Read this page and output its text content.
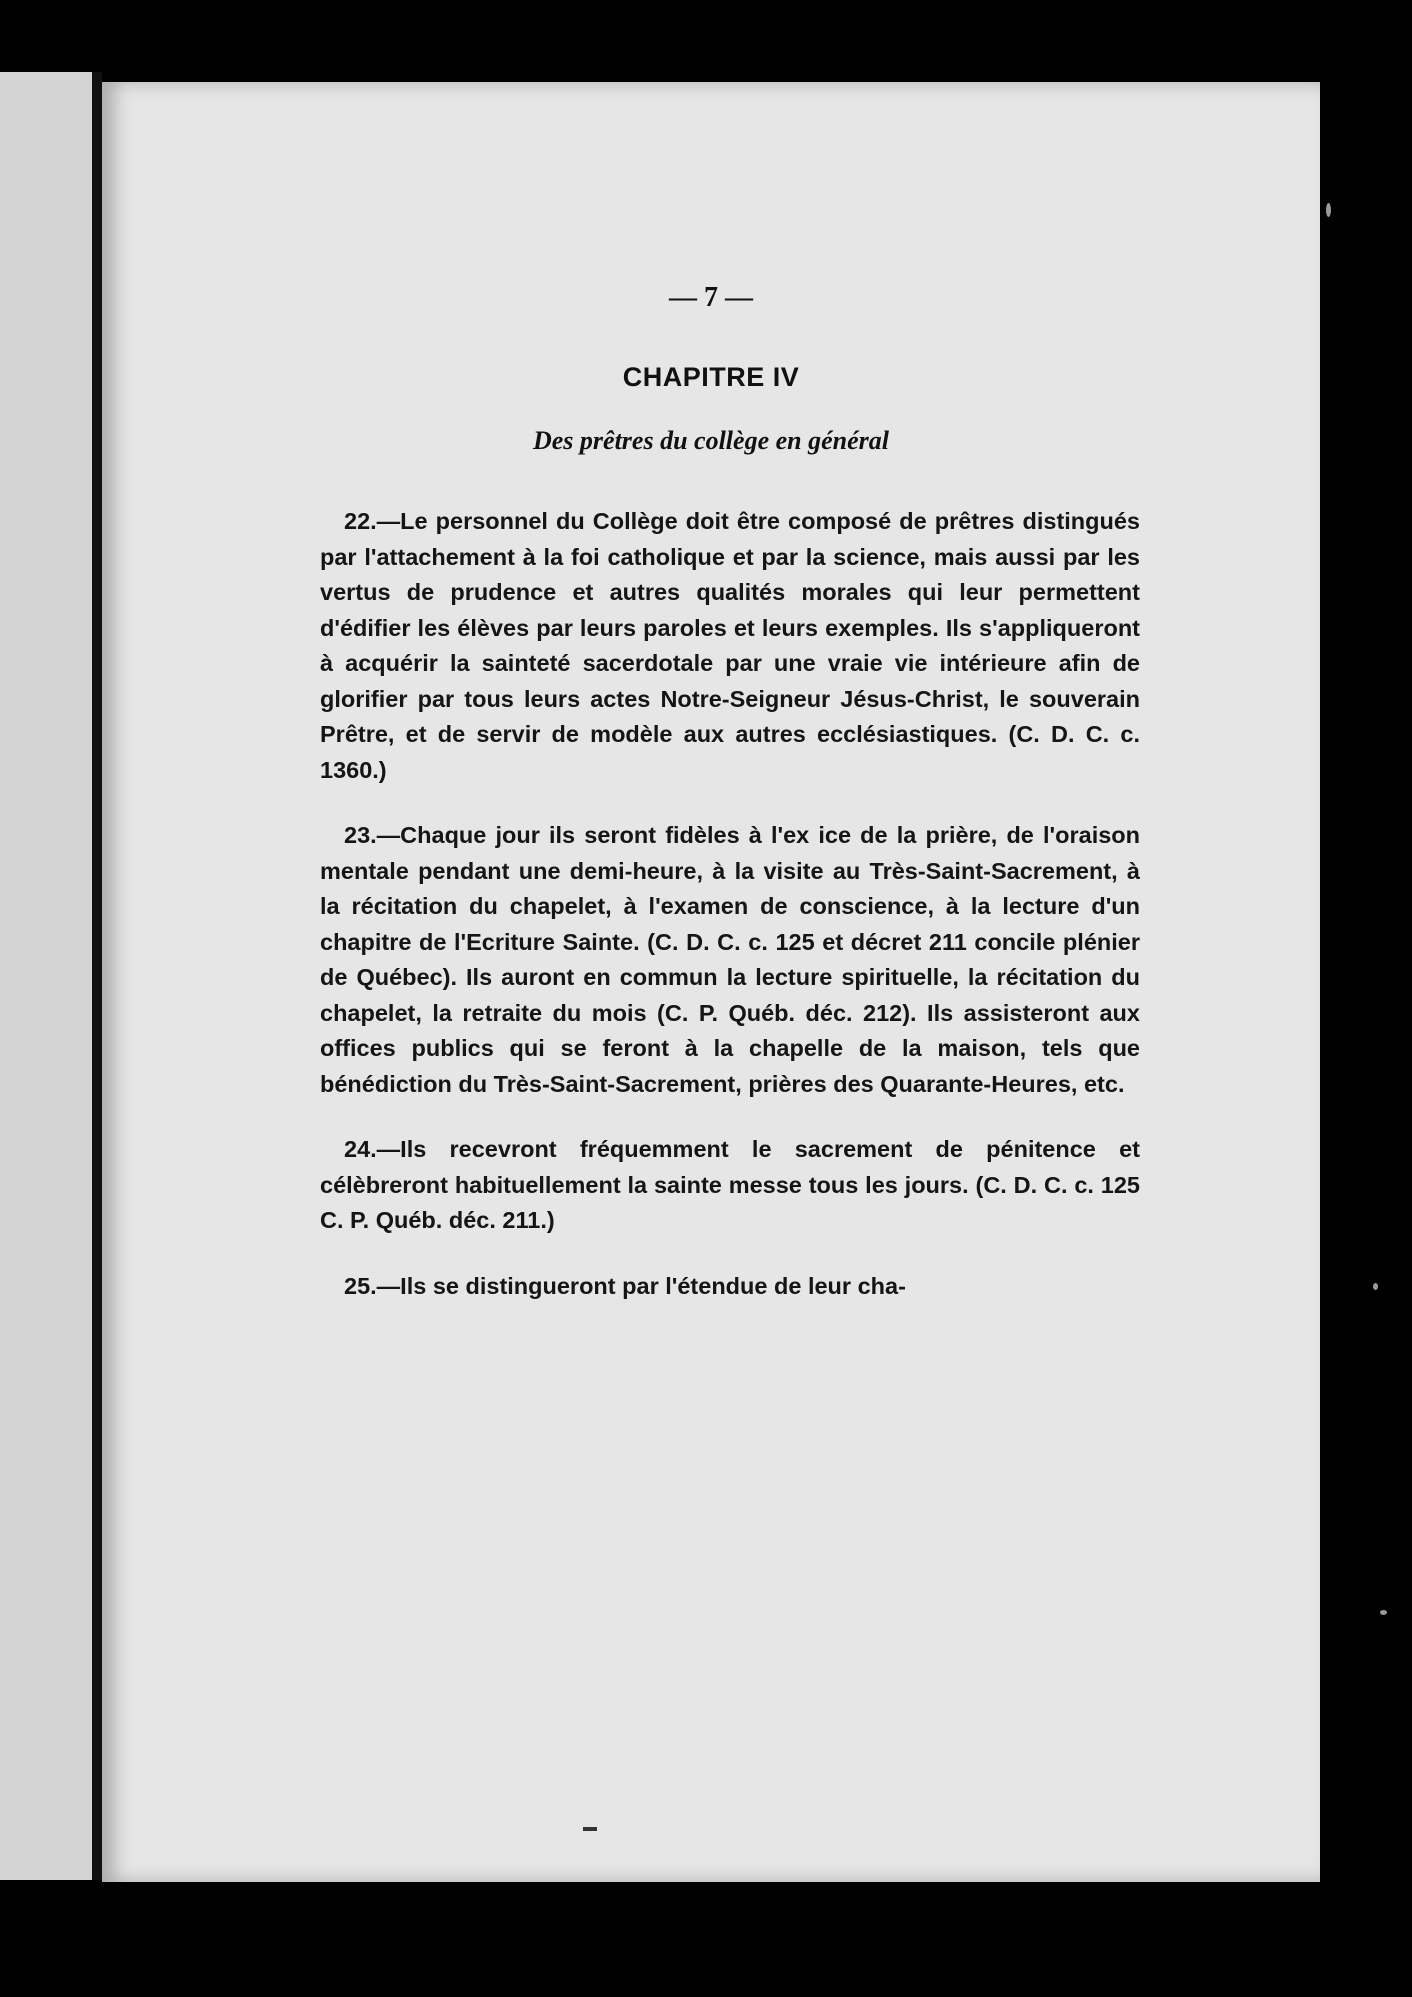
— 7 —
CHAPITRE IV
Des prêtres du collège en général

22.—Le personnel du Collège doit être composé de prêtres distingués par l'attachement à la foi catholique et par la science, mais aussi par les vertus de prudence et autres qualités morales qui leur permettent d'édifier les élèves par leurs paroles et leurs exemples. Ils s'appliqueront à acquérir la sainteté sacerdotale par une vraie vie intérieure afin de glorifier par tous leurs actes Notre-Seigneur Jésus-Christ, le souverain Prêtre, et de servir de modèle aux autres ecclésiastiques. (C. D. C. c. 1360.)

23.—Chaque jour ils seront fidèles à l'ex ice de la prière, de l'oraison mentale pendant une demi-heure, à la visite au Très-Saint-Sacrement, à la récitation du chapelet, à l'examen de conscience, à la lecture d'un chapitre de l'Ecriture Sainte. (C. D. C. c. 125 et décret 211 concile plénier de Québec). Ils auront en commun la lecture spirituelle, la récitation du chapelet, la retraite du mois (C. P. Québ. déc. 212). Ils assisteront aux offices publics qui se feront à la chapelle de la maison, tels que bénédiction du Très-Saint-Sacrement, prières des Quarante-Heures, etc.

24.—Ils recevront fréquemment le sacrement de pénitence et célèbreront habituellement la sainte messe tous les jours. (C. D. C. c. 125 C. P. Québ. déc. 211.)

25.—Ils se distingueront par l'étendue de leur cha-
